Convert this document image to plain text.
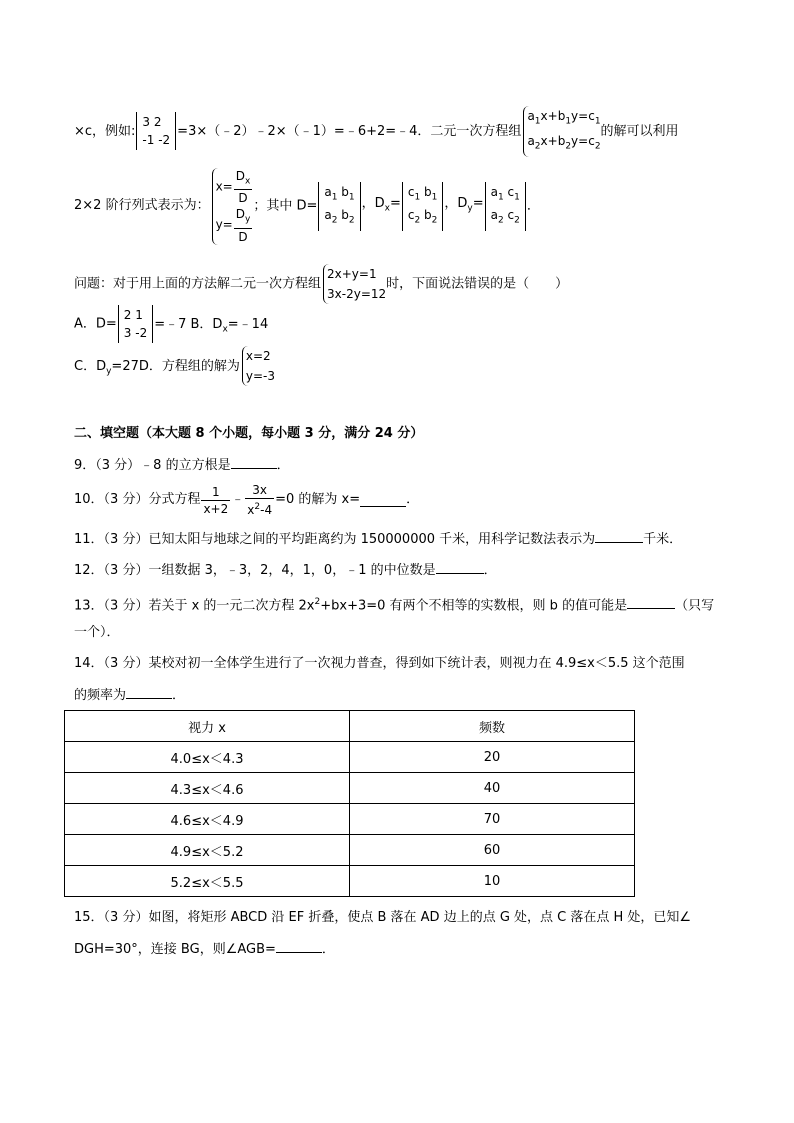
×c，例如:
3 2
-1 -2
=3×（﹣2）﹣2×（﹣1）=﹣6+2=﹣4．二元一次方程组
$a_1x+b_1y=c_1$
$a_2x+b_2y=c_2$
的解可以利用
2×2 阶行列式表示为：
$x= \frac{D_x}{D}$
$y= \frac{D_y}{D}$
；其中 D=
$a_1$ $b_1$
$a_2$ $b_2$
，$D_x=$
$c_1$ $b_1$
$c_2$ $b_2$
，$D_y=$
$a_1$ $c_1$
$a_2$ $c_2$
．
问题：对于用上面的方法解二元一次方程组
2x+y=1
3x-2y=12
时，下面说法错误的是（　　）
A．D=
2 1
3 -2
=﹣7 B．$D_x=﹣14$
C．$D_y=27D$．方程组的解为
x=2
y=-3
二、填空题（本大题 8 个小题，每小题 3 分，满分 24 分）
9．（3 分）﹣8 的立方根是	．
10．（3 分）分式方程 $\frac{1}{x+2}$ ﹣ $\frac{3x}{x^2-4} =0$ 的解为 x=	．
11．（3 分）已知太阳与地球之间的平均距离约为 150000000 千米，用科学记数法表示为	千米．
12．（3 分）一组数据 3，﹣3，2，4，1，0，﹣1 的中位数是	．
13．（3 分）若关于 x 的一元二次方程 $2x^2+bx+3=0$ 有两个不相等的实数根，则 b 的值可能是	（只写
一个）．
14．（3 分）某校对初一全体学生进行了一次视力普查，得到如下统计表，则视力在 4.9≤x＜5.5 这个范围
的频率为	．
视力 x	频数
4.0≤x＜4.3	20
4.3≤x＜4.6	40
4.6≤x＜4.9	70
4.9≤x＜5.2	60
5.2≤x＜5.5	10
15．（3 分）如图，将矩形 ABCD 沿 EF 折叠，使点 B 落在 AD 边上的点 G 处，点 C 落在点 H 处，已知∠
DGH=30°，连接 BG，则∠AGB=	．
